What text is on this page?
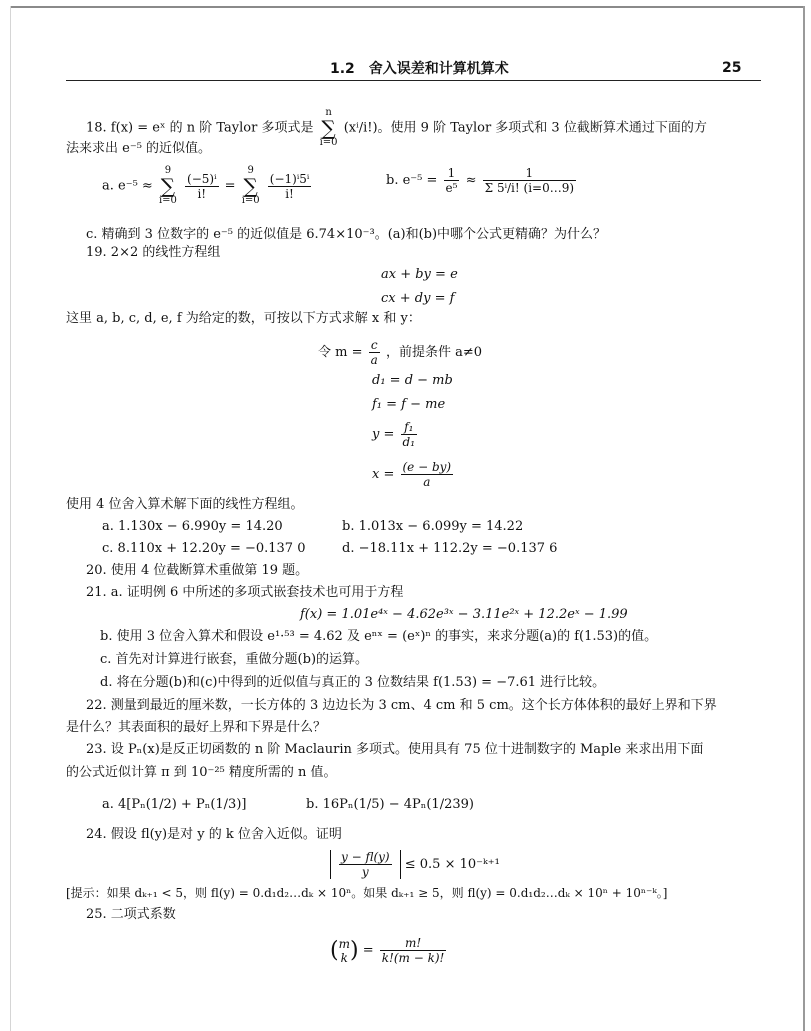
1.2　舍入误差和计算机算术	25
18. f(x) = eˣ 的 n 阶 Taylor 多项式是 n
∑
i=0 (xⁱ/i!)。使用 9 阶 Taylor 多项式和 3 位截断算术通过下面的方
法来求出 e⁻⁵ 的近似值。
a. e⁻⁵ ≈ 9
∑
$i=0 \frac{\text{(−5)ⁱ}}{i!} = 9$
∑
$i=0 \frac{\text{(−1)ⁱ5ⁱ}}{i!}$	b. $e^{-5} = \frac{1}{\text{e⁵}} \approx \frac{1}{\text{Σ 5ⁱ/i! (i=0…9)}}$
c. 精确到 3 位数字的 e⁻⁵ 的近似值是 6.74×10⁻³。(a)和(b)中哪个公式更精确？为什么？
19. 2×2 的线性方程组
ax + by = e
cx + dy = f
这里 a, b, c, d, e, f 为给定的数，可按以下方式求解 x 和 y：
令 $m = \frac{c}{a}$ ，前提条件 a≠0
d₁ = d − mb
f₁ = f − me
$y = \frac{\text{f₁}}{\text{d₁}}$
$x = \frac{(e - by)}{a}$
使用 4 位舍入算术解下面的线性方程组。
a. 1.130x − 6.990y = 14.20	b. 1.013x − 6.099y = 14.22
c. 8.110x + 12.20y = −0.137 0	d. −18.11x + 112.2y = −0.137 6
20. 使用 4 位截断算术重做第 19 题。
21. a. 证明例 6 中所述的多项式嵌套技术也可用于方程
f(x) = 1.01e⁴ˣ − 4.62e³ˣ − 3.11e²ˣ + 12.2eˣ − 1.99
b. 使用 3 位舍入算术和假设 e¹·⁵³ = 4.62 及 eⁿˣ = (eˣ)ⁿ 的事实，来求分题(a)的 f(1.53)的值。
c. 首先对计算进行嵌套，重做分题(b)的运算。
d. 将在分题(b)和(c)中得到的近似值与真正的 3 位数结果 f(1.53) = −7.61 进行比较。
22. 测量到最近的厘米数，一长方体的 3 边边长为 3 cm、4 cm 和 5 cm。这个长方体体积的最好上界和下界
是什么？其表面积的最好上界和下界是什么？
23. 设 Pₙ(x)是反正切函数的 n 阶 Maclaurin 多项式。使用具有 75 位十进制数字的 Maple 来求出用下面
的公式近似计算 π 到 10⁻²⁵ 精度所需的 n 值。
a. 4[Pₙ(1/2) + Pₙ(1/3)]	b. 16Pₙ(1/5) − 4Pₙ(1/239)
24. 假设 fl(y)是对 y 的 k 位舍入近似。证明
$\frac{y - fl(y)}{y} \le 0.5$ × 10⁻ᵏ⁺¹
[提示：如果 dₖ₊₁ < 5，则 fl(y) = 0.d₁d₂…dₖ × 10ⁿ。如果 dₖ₊₁ ≥ 5，则 fl(y) = 0.d₁d₂…dₖ × 10ⁿ + 10ⁿ⁻ᵏ。]
25. 二项式系数
( m
k ) = $\frac{m!}{k!(m - k)!}$
